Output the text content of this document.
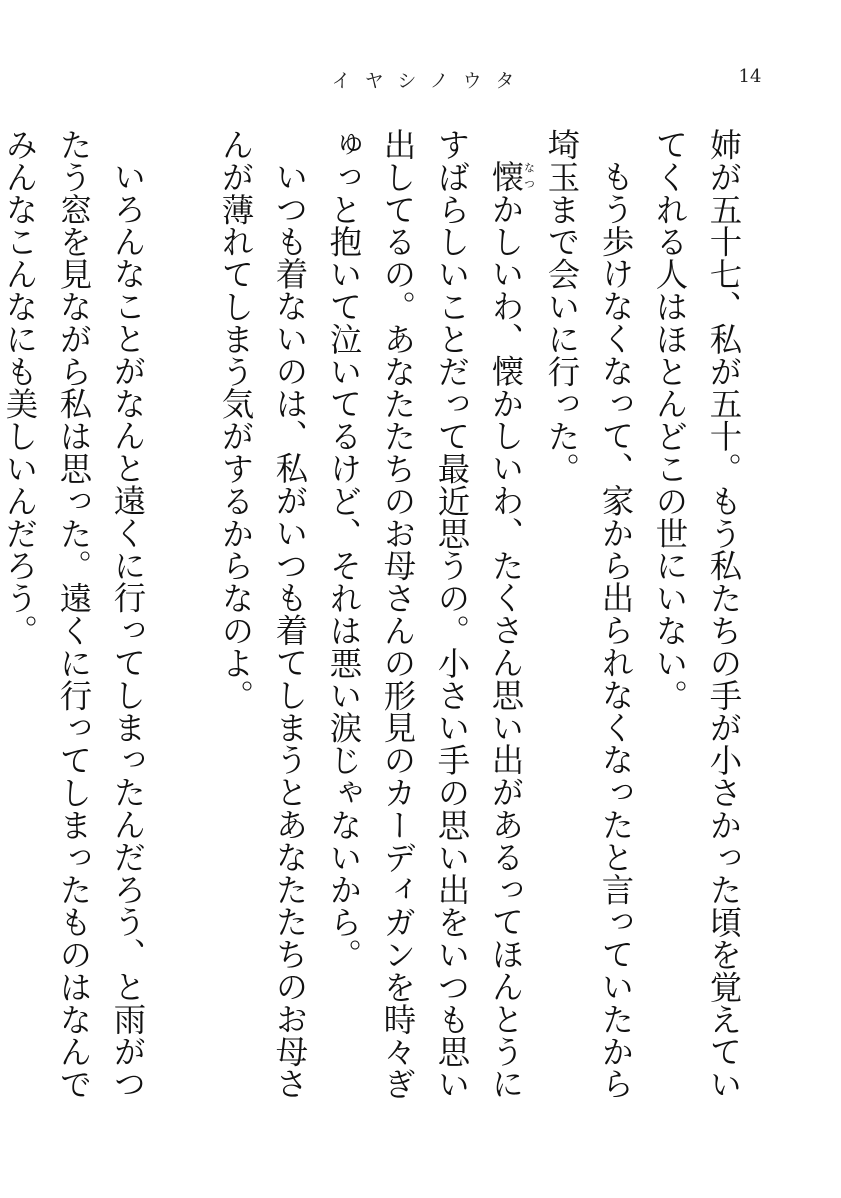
イヤシノウタ	14

姉が五十七、私が五十。もう私たちの手が小さかった頃を覚えていてくれる人はほとんどこの世にいない。

もう歩けなくなって、家から出られなくなったと言っていたから埼玉まで会いに行った。

懐なつかしいわ、懐かしいわ、たくさん思い出があるってほんとうにすばらしいことだって最近思うの。小さい手の思い出をいつも思い出してるの。あなたたちのお母さんの形見のカーディガンを時々ぎゅっと抱いて泣いてるけど、それは悪い涙じゃないから。

いつも着ないのは、私がいつも着てしまうとあなたたちのお母さんが薄れてしまう気がするからなのよ。

いろんなことがなんと遠くに行ってしまったんだろう、と雨がつたう窓を見ながら私は思った。遠くに行ってしまったものはなんでみんなこんなにも美しいんだろう。
